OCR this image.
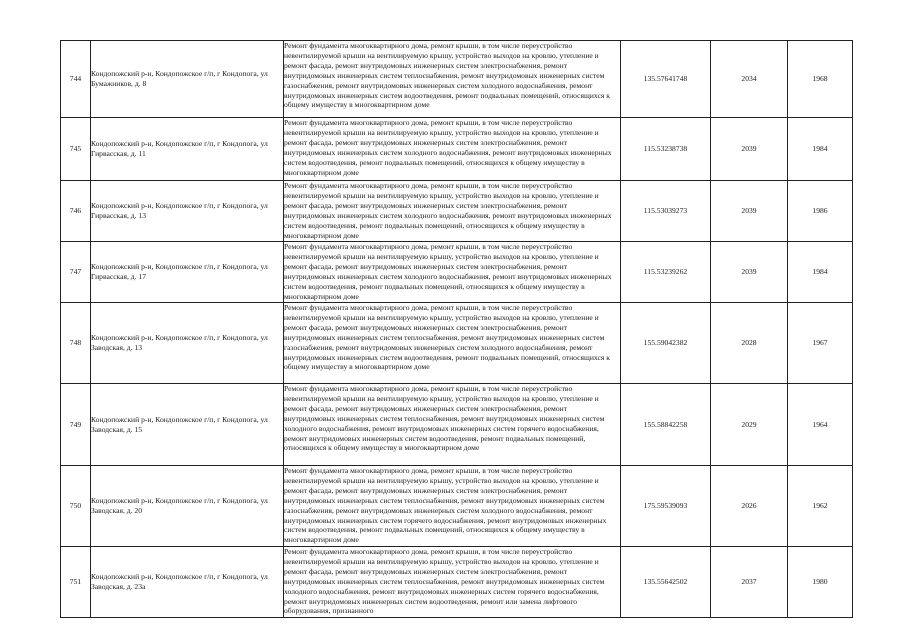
744	Кондопожский р-н, Кондопожское г/п, г Кондопога, ул Бумажников, д. 8	Ремонт фундамента многоквартирного дома, ремонт крыши, в том числе переустройство невентилируемой крыши на вентилируемую крышу, устройство выходов на кровлю, утепление и ремонт фасада, ремонт внутридомовых инженерных систем электроснабжения, ремонт внутридомовых инженерных систем теплоснабжения, ремонт внутридомовых инженерных систем газоснабжения, ремонт внутридомовых инженерных систем холодного водоснабжения, ремонт внутридомовых инженерных систем водоотведения, ремонт подвальных помещений, относящихся к общему имуществу в многоквартирном доме	135.57641748	2034	1968
745	Кондопожский р-н, Кондопожское г/п, г Кондопога, ул Гирвасская, д. 11	Ремонт фундамента многоквартирного дома, ремонт крыши, в том числе переустройство невентилируемой крыши на вентилируемую крышу, устройство выходов на кровлю, утепление и ремонт фасада, ремонт внутридомовых инженерных систем электроснабжения, ремонт внутридомовых инженерных систем холодного водоснабжения, ремонт внутридомовых инженерных систем водоотведения, ремонт подвальных помещений, относящихся к общему имуществу в многоквартирном доме	115.53238738	2039	1984
746	Кондопожский р-н, Кондопожское г/п, г Кондопога, ул Гирвасская, д. 13	Ремонт фундамента многоквартирного дома, ремонт крыши, в том числе переустройство невентилируемой крыши на вентилируемую крышу, устройство выходов на кровлю, утепление и ремонт фасада, ремонт внутридомовых инженерных систем электроснабжения, ремонт внутридомовых инженерных систем холодного водоснабжения, ремонт внутридомовых инженерных систем водоотведения, ремонт подвальных помещений, относящихся к общему имуществу в многоквартирном доме	115.53039273	2039	1986
747	Кондопожский р-н, Кондопожское г/п, г Кондопога, ул Гирвасская, д. 17	Ремонт фундамента многоквартирного дома, ремонт крыши, в том числе переустройство невентилируемой крыши на вентилируемую крышу, устройство выходов на кровлю, утепление и ремонт фасада, ремонт внутридомовых инженерных систем электроснабжения, ремонт внутридомовых инженерных систем холодного водоснабжения, ремонт внутридомовых инженерных систем водоотведения, ремонт подвальных помещений, относящихся к общему имуществу в многоквартирном доме	115.53239262	2039	1984
748	Кондопожский р-н, Кондопожское г/п, г Кондопога, ул Заводская, д. 13	Ремонт фундамента многоквартирного дома, ремонт крыши, в том числе переустройство невентилируемой крыши на вентилируемую крышу, устройство выходов на кровлю, утепление и ремонт фасада, ремонт внутридомовых инженерных систем электроснабжения, ремонт внутридомовых инженерных систем теплоснабжения, ремонт внутридомовых инженерных систем газоснабжения, ремонт внутридомовых инженерных систем холодного водоснабжения, ремонт внутридомовых инженерных систем водоотведения, ремонт подвальных помещений, относящихся к общему имуществу в многоквартирном доме	155.59042382	2028	1967
749	Кондопожский р-н, Кондопожское г/п, г Кондопога, ул Заводская, д. 15	Ремонт фундамента многоквартирного дома, ремонт крыши, в том числе переустройство невентилируемой крыши на вентилируемую крышу, устройство выходов на кровлю, утепление и ремонт фасада, ремонт внутридомовых инженерных систем электроснабжения, ремонт внутридомовых инженерных систем теплоснабжения, ремонт внутридомовых инженерных систем холодного водоснабжения, ремонт внутридомовых инженерных систем горячего водоснабжения, ремонт внутридомовых инженерных систем водоотведения, ремонт подвальных помещений, относящихся к общему имуществу в многоквартирном доме	155.58842258	2029	1964
750	Кондопожский р-н, Кондопожское г/п, г Кондопога, ул Заводская, д. 20	Ремонт фундамента многоквартирного дома, ремонт крыши, в том числе переустройство невентилируемой крыши на вентилируемую крышу, устройство выходов на кровлю, утепление и ремонт фасада, ремонт внутридомовых инженерных систем электроснабжения, ремонт внутридомовых инженерных систем теплоснабжения, ремонт внутридомовых инженерных систем газоснабжения, ремонт внутридомовых инженерных систем холодного водоснабжения, ремонт внутридомовых инженерных систем горячего водоснабжения, ремонт внутридомовых инженерных систем водоотведения, ремонт подвальных помещений, относящихся к общему имуществу в многоквартирном доме	175.59539093	2026	1962
751	Кондопожский р-н, Кондопожское г/п, г Кондопога, ул Заводская, д. 23а	Ремонт фундамента многоквартирного дома, ремонт крыши, в том числе переустройство невентилируемой крыши на вентилируемую крышу, устройство выходов на кровлю, утепление и ремонт фасада, ремонт внутридомовых инженерных систем электроснабжения, ремонт внутридомовых инженерных систем теплоснабжения, ремонт внутридомовых инженерных систем холодного водоснабжения, ремонт внутридомовых инженерных систем горячего водоснабжения, ремонт внутридомовых инженерных систем водоотведения, ремонт или замена лифтового оборудования, признанного	135.55642502	2037	1980
